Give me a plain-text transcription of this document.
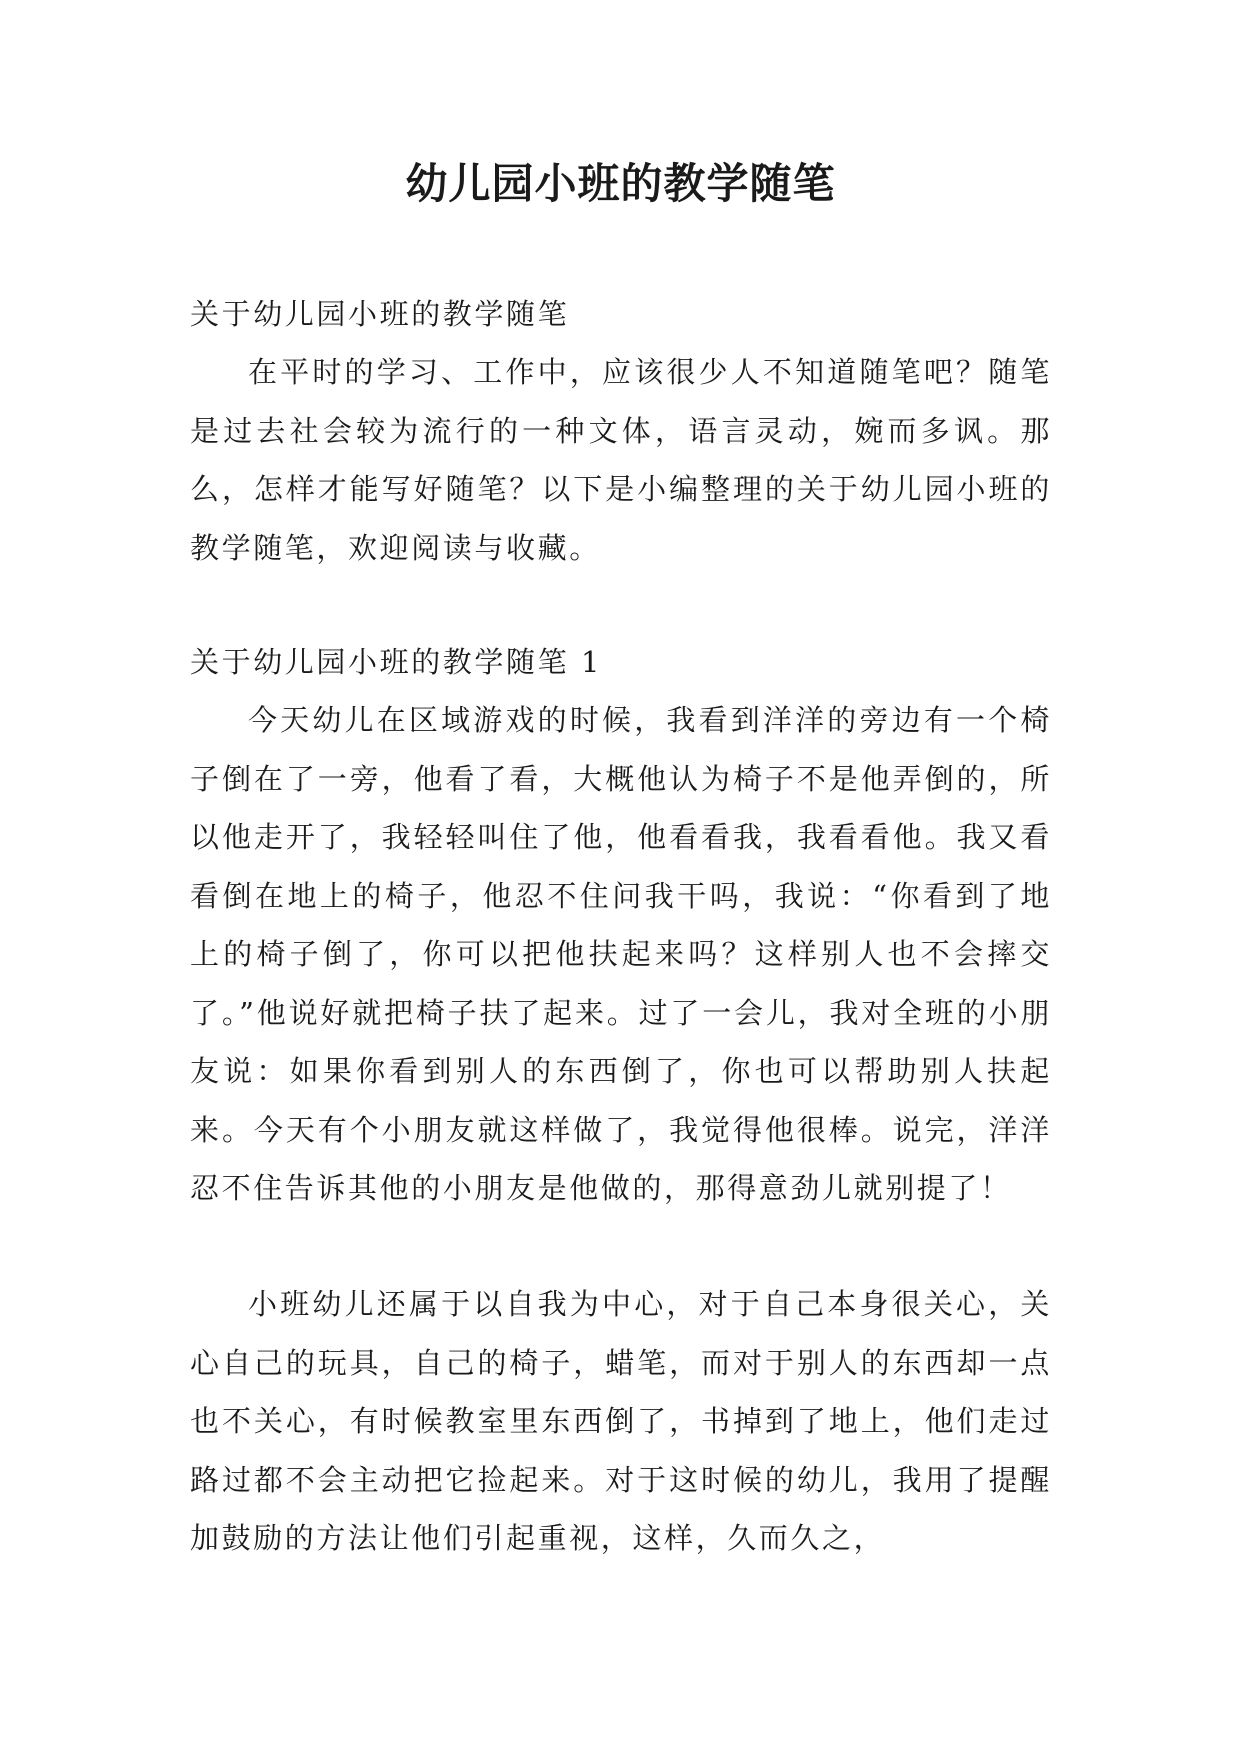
幼儿园小班的教学随笔

关于幼儿园小班的教学随笔

在平时的学习、工作中，应该很少人不知道随笔吧？随笔是过去社会较为流行的一种文体，语言灵动，婉而多讽。那么，怎样才能写好随笔？以下是小编整理的关于幼儿园小班的教学随笔，欢迎阅读与收藏。

关于幼儿园小班的教学随笔 1

今天幼儿在区域游戏的时候，我看到洋洋的旁边有一个椅子倒在了一旁，他看了看，大概他认为椅子不是他弄倒的，所以他走开了，我轻轻叫住了他，他看看我，我看看他。我又看看倒在地上的椅子，他忍不住问我干吗，我说：“你看到了地上的椅子倒了，你可以把他扶起来吗？这样别人也不会摔交了。”他说好就把椅子扶了起来。过了一会儿，我对全班的小朋友说：如果你看到别人的东西倒了，你也可以帮助别人扶起来。今天有个小朋友就这样做了，我觉得他很棒。说完，洋洋忍不住告诉其他的小朋友是他做的，那得意劲儿就别提了！

小班幼儿还属于以自我为中心，对于自己本身很关心，关心自己的玩具，自己的椅子，蜡笔，而对于别人的东西却一点也不关心，有时候教室里东西倒了，书掉到了地上，他们走过路过都不会主动把它捡起来。对于这时候的幼儿，我用了提醒加鼓励的方法让他们引起重视，这样，久而久之，
